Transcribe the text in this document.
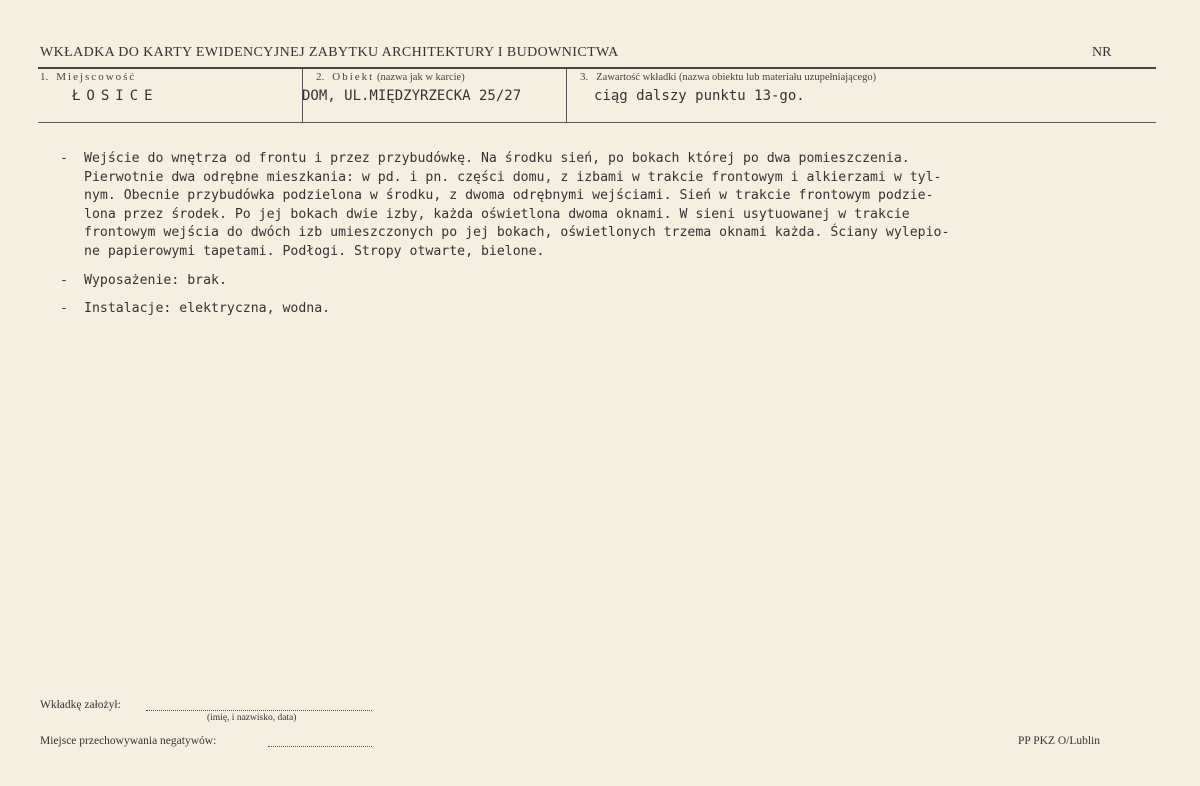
WKŁADKA DO KARTY EWIDENCYJNEJ ZABYTKU ARCHITEKTURY I BUDOWNICTWA	NR
1. Miejscowość	2. Obiekt (nazwa jak w karcie)	3. Zawartość wkładki (nazwa obiektu lub materiału uzupełniającego)
ŁOSICE	DOM, UL.MIĘDZYRZECKA 25/27	ciąg dalszy punktu 13-go.
- Wejście do wnętrza od frontu i przez przybudówkę. Na środku sień, po bokach której po dwa pomieszczenia.
Pierwotnie dwa odrębne mieszkania: w pd. i pn. części domu, z izbami w trakcie frontowym i alkierzami w tyl-
nym. Obecnie przybudówka podzielona w środku, z dwoma odrębnymi wejściami. Sień w trakcie frontowym podzie-
lona przez środek. Po jej bokach dwie izby, każda oświetlona dwoma oknami. W sieni usytuowanej w trakcie
frontowym wejścia do dwóch izb umieszczonych po jej bokach, oświetlonych trzema oknami każda. Ściany wylepio-
ne papierowymi tapetami. Podłogi. Stropy otwarte, bielone.
- Wyposażenie: brak.
- Instalacje: elektryczna, wodna.
Wkładkę założył:
(imię, i nazwisko, data)
Miejsce przechowywania negatywów:	PP PKZ O/Lublin
